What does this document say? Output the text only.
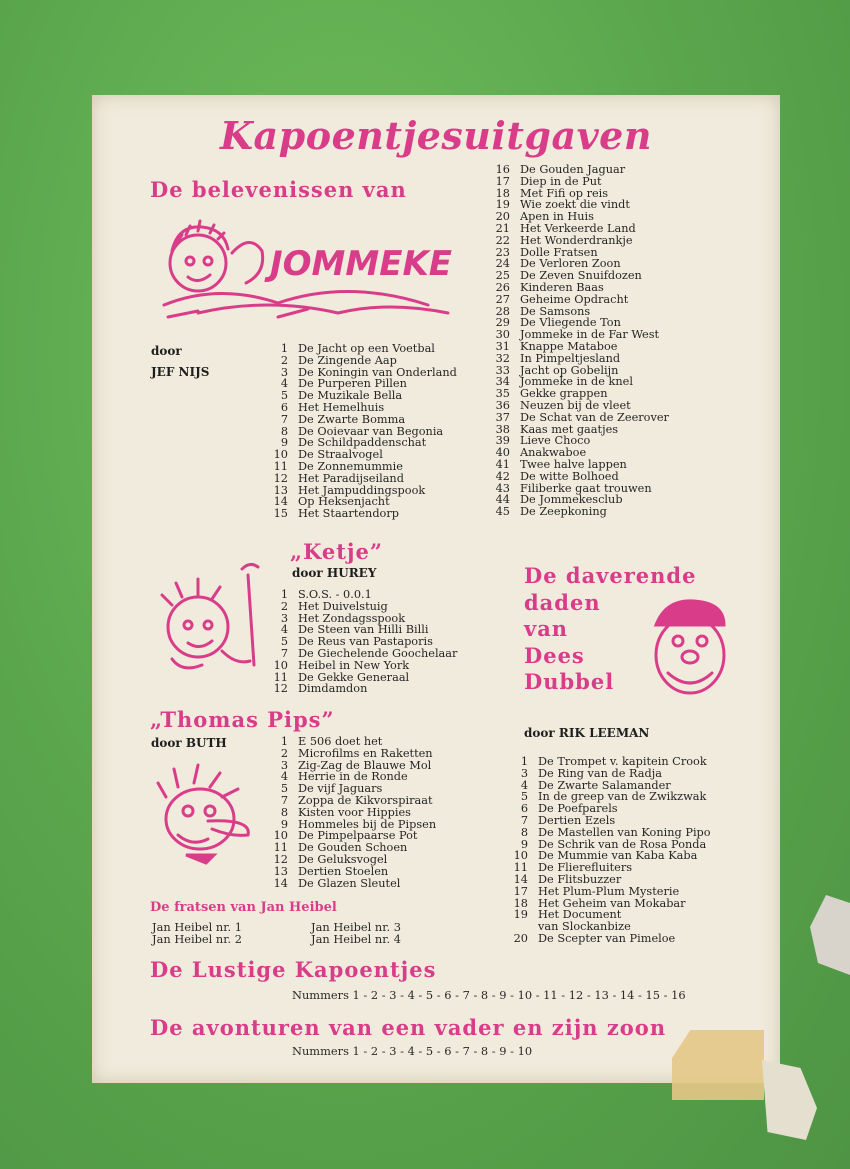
Kapoentjesuitgaven
De belevenissen van
JOMMEKE
door
JEF NIJS
1 De Jacht op een Voetbal
2 De Zingende Aap
3 De Koningin van Onderland
4 De Purperen Pillen
5 De Muzikale Bella
6 Het Hemelhuis
7 De Zwarte Bomma
8 De Ooievaar van Begonia
9 De Schildpaddenschat
10 De Straalvogel
11 De Zonnemummie
12 Het Paradijseiland
13 Het Jampuddingspook
14 Op Heksenjacht
15 Het Staartendorp
16 De Gouden Jaguar
17 Diep in de Put
18 Met Fifi op reis
19 Wie zoekt die vindt
20 Apen in Huis
21 Het Verkeerde Land
22 Het Wonderdrankje
23 Dolle Fratsen
24 De Verloren Zoon
25 De Zeven Snuifdozen
26 Kinderen Baas
27 Geheime Opdracht
28 De Samsons
29 De Vliegende Ton
30 Jommeke in de Far West
31 Knappe Mataboe
32 In Pimpeltjesland
33 Jacht op Gobelijn
34 Jommeke in de knel
35 Gekke grappen
36 Neuzen bij de vleet
37 De Schat van de Zeerover
38 Kaas met gaatjes
39 Lieve Choco
40 Anakwaboe
41 Twee halve lappen
42 De witte Bolhoed
43 Filiberke gaat trouwen
44 De Jommekesclub
45 De Zeepkoning
„Ketje”
door HUREY
1 S.O.S. - 0.0.1
2 Het Duivelstuig
3 Het Zondagsspook
4 De Steen van Hilli Billi
5 De Reus van Pastaporis
7 De Giechelende Goochelaar
10 Heibel in New York
11 De Gekke Generaal
12 Dimdamdon
De daverende
daden
van
Dees
Dubbel
door RIK LEEMAN
1 De Trompet v. kapitein Crook
3 De Ring van de Radja
4 De Zwarte Salamander
5 In de greep van de Zwikzwak
6 De Poefparels
7 Dertien Ezels
8 De Mastellen van Koning Pipo
9 De Schrik van de Rosa Ponda
10 De Mummie van Kaba Kaba
11 De Flierefluiters
14 De Flitsbuzzer
17 Het Plum-Plum Mysterie
18 Het Geheim van Mokabar
19 Het Document
van Slockanbize
20 De Scepter van Pimeloe
„Thomas Pips”
door BUTH	1 E 506 doet het
2 Microfilms en Raketten
3 Zig-Zag de Blauwe Mol
4 Herrie in de Ronde
5 De vijf Jaguars
7 Zoppa de Kikvorspiraat
8 Kisten voor Hippies
9 Hommeles bij de Pipsen
10 De Pimpelpaarse Pot
11 De Gouden Schoen
12 De Geluksvogel
13 Dertien Stoelen
14 De Glazen Sleutel
De fratsen van Jan Heibel
Jan Heibel nr. 1
Jan Heibel nr. 2
Jan Heibel nr. 3
Jan Heibel nr. 4
De Lustige Kapoentjes
Nummers 1 - 2 - 3 - 4 - 5 - 6 - 7 - 8 - 9 - 10 - 11 - 12 - 13 - 14 - 15 - 16
De avonturen van een vader en zijn zoon
Nummers 1 - 2 - 3 - 4 - 5 - 6 - 7 - 8 - 9 - 10
